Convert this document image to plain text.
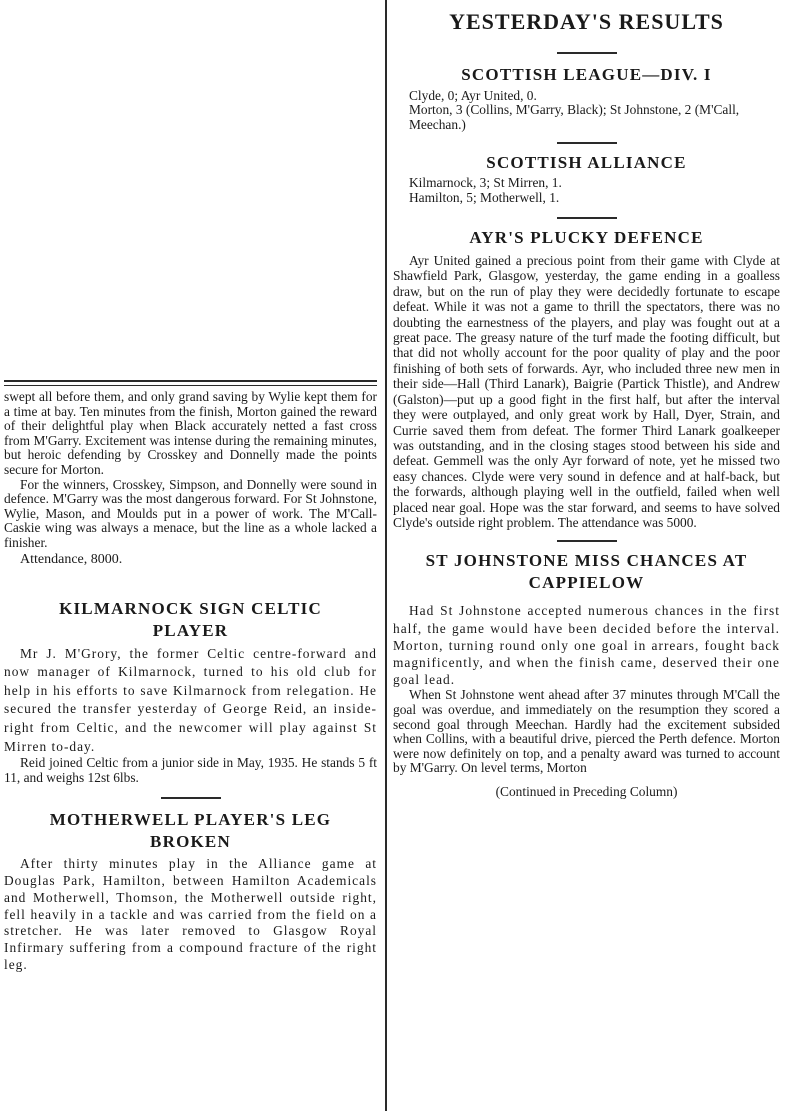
swept all before them, and only grand saving by Wylie kept them for a time at bay. Ten minutes from the finish, Morton gained the reward of their delightful play when Black accurately netted a fast cross from M'Garry. Excitement was intense during the remaining minutes, but heroic defending by Crosskey and Donnelly made the points secure for Morton.

For the winners, Crosskey, Simpson, and Donnelly were sound in defence. M'Garry was the most dangerous forward. For St Johnstone, Wylie, Mason, and Moulds put in a power of work. The M'Call-Caskie wing was always a menace, but the line as a whole lacked a finisher.

Attendance, 8000.

KILMARNOCK SIGN CELTIC
PLAYER

Mr J. M'Grory, the former Celtic centre-forward and now manager of Kilmarnock, turned to his old club for help in his efforts to save Kilmarnock from relegation. He secured the transfer yesterday of George Reid, an inside-right from Celtic, and the newcomer will play against St Mirren to-day.

Reid joined Celtic from a junior side in May, 1935. He stands 5 ft 11, and weighs 12st 6lbs.

MOTHERWELL PLAYER'S LEG
BROKEN

After thirty minutes play in the Alliance game at Douglas Park, Hamilton, between Hamilton Academicals and Motherwell, Thomson, the Motherwell outside right, fell heavily in a tackle and was carried from the field on a stretcher. He was later removed to Glasgow Royal Infirmary suffering from a compound fracture of the right leg.

YESTERDAY'S RESULTS
SCOTTISH LEAGUE—DIV. I

Clyde, 0; Ayr United, 0.

Morton, 3 (Collins, M'Garry, Black); St Johnstone, 2 (M'Call, Meechan.)

SCOTTISH ALLIANCE

Kilmarnock, 3; St Mirren, 1.

Hamilton, 5; Motherwell, 1.

AYR'S PLUCKY DEFENCE

Ayr United gained a precious point from their game with Clyde at Shawfield Park, Glasgow, yesterday, the game ending in a goalless draw, but on the run of play they were decidedly fortunate to escape defeat. While it was not a game to thrill the spectators, there was no doubting the earnestness of the players, and play was fought out at a great pace. The greasy nature of the turf made the footing difficult, but that did not wholly account for the poor quality of play and the poor finishing of both sets of forwards. Ayr, who included three new men in their side—Hall (Third Lanark), Baigrie (Partick Thistle), and Andrew (Galston)—put up a good fight in the first half, but after the interval they were outplayed, and only great work by Hall, Dyer, Strain, and Currie saved them from defeat. The former Third Lanark goalkeeper was outstanding, and in the closing stages stood between his side and defeat. Gemmell was the only Ayr forward of note, yet he missed two easy chances. Clyde were very sound in defence and at half-back, but the forwards, although playing well in the outfield, failed when well placed near goal. Hope was the star forward, and seems to have solved Clyde's outside right problem. The attendance was 5000.

ST JOHNSTONE MISS CHANCES AT
CAPPIELOW

Had St Johnstone accepted numerous chances in the first half, the game would have been decided before the interval. Morton, turning round only one goal in arrears, fought back magnificently, and when the finish came, deserved their one goal lead.

When St Johnstone went ahead after 37 minutes through M'Call the goal was overdue, and immediately on the resumption they scored a second goal through Meechan. Hardly had the excitement subsided when Collins, with a beautiful drive, pierced the Perth defence. Morton were now definitely on top, and a penalty award was turned to account by M'Garry. On level terms, Morton

(Continued in Preceding Column)
